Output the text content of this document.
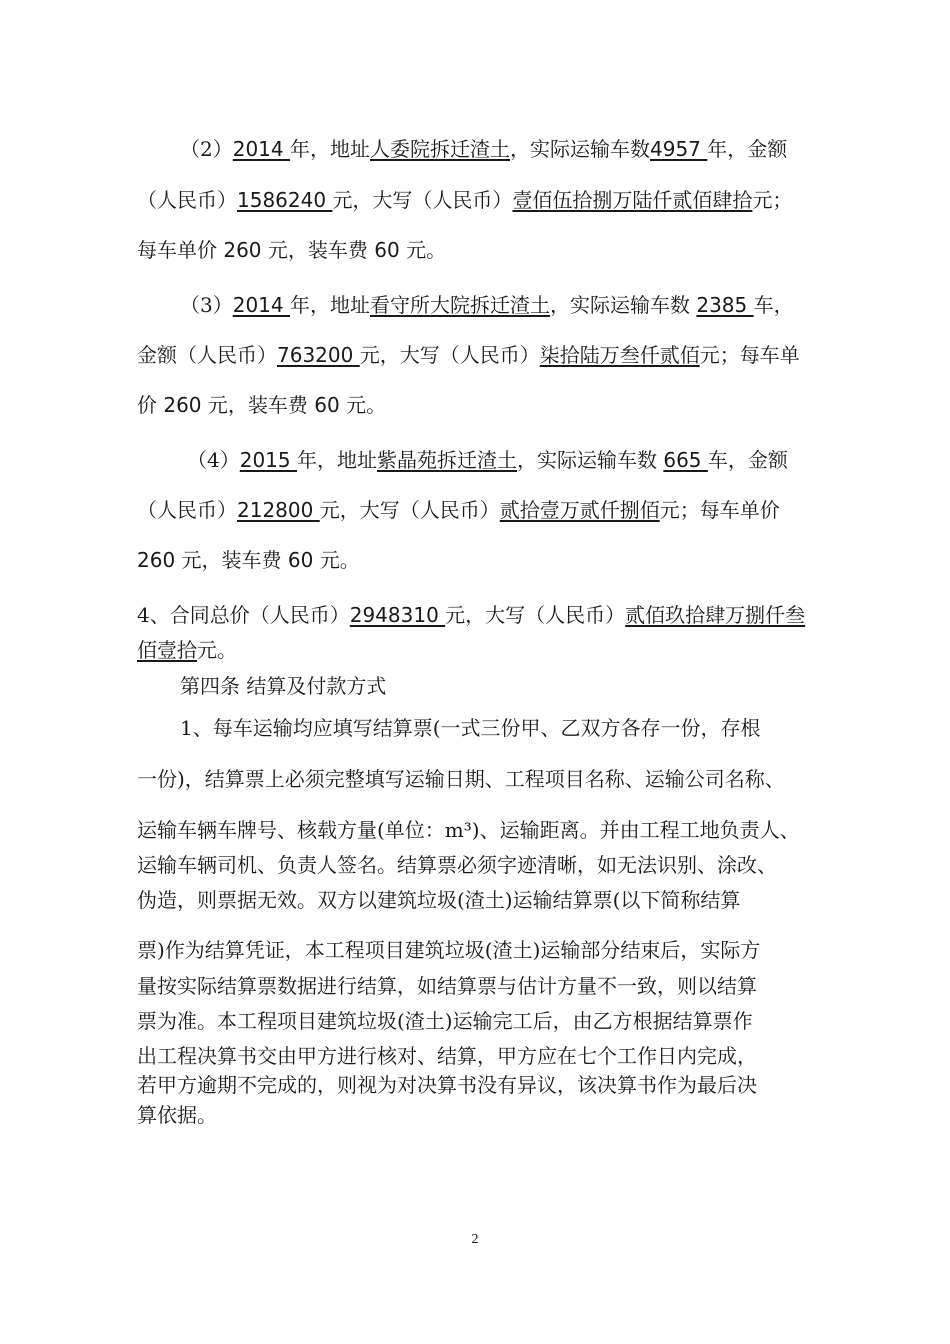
（2）2014 年，地址人委院拆迁渣土，实际运输车数4957 年，金额
（人民币）1586240 元，大写（人民币）壹佰伍拾捌万陆仟贰佰肆拾元；
每车单价 260 元，装车费 60 元。
（3）2014 年，地址看守所大院拆迁渣土，实际运输车数 2385 车，
金额（人民币）763200 元，大写（人民币）柒拾陆万叁仟贰佰元；每车单
价 260 元，装车费 60 元。
（4）2015 年，地址紫晶苑拆迁渣土，实际运输车数 665 车，金额
（人民币）212800 元，大写（人民币）贰拾壹万贰仟捌佰元；每车单价
260 元，装车费 60 元。
4、合同总价（人民币）2948310 元，大写（人民币）贰佰玖拾肆万捌仟叁
佰壹拾元。
第四条 结算及付款方式
1、每车运输均应填写结算票(一式三份甲、乙双方各存一份，存根
一份)，结算票上必须完整填写运输日期、工程项目名称、运输公司名称、
运输车辆车牌号、核载方量(单位：m³)、运输距离。并由工程工地负责人、
运输车辆司机、负责人签名。结算票必须字迹清晰，如无法识别、涂改、
伪造，则票据无效。双方以建筑垃圾(渣土)运输结算票(以下简称结算
票)作为结算凭证，本工程项目建筑垃圾(渣土)运输部分结束后，实际方
量按实际结算票数据进行结算，如结算票与估计方量不一致，则以结算
票为准。本工程项目建筑垃圾(渣土)运输完工后，由乙方根据结算票作
出工程决算书交由甲方进行核对、结算，甲方应在七个工作日内完成，
若甲方逾期不完成的，则视为对决算书没有异议，该决算书作为最后决
算依据。
2
